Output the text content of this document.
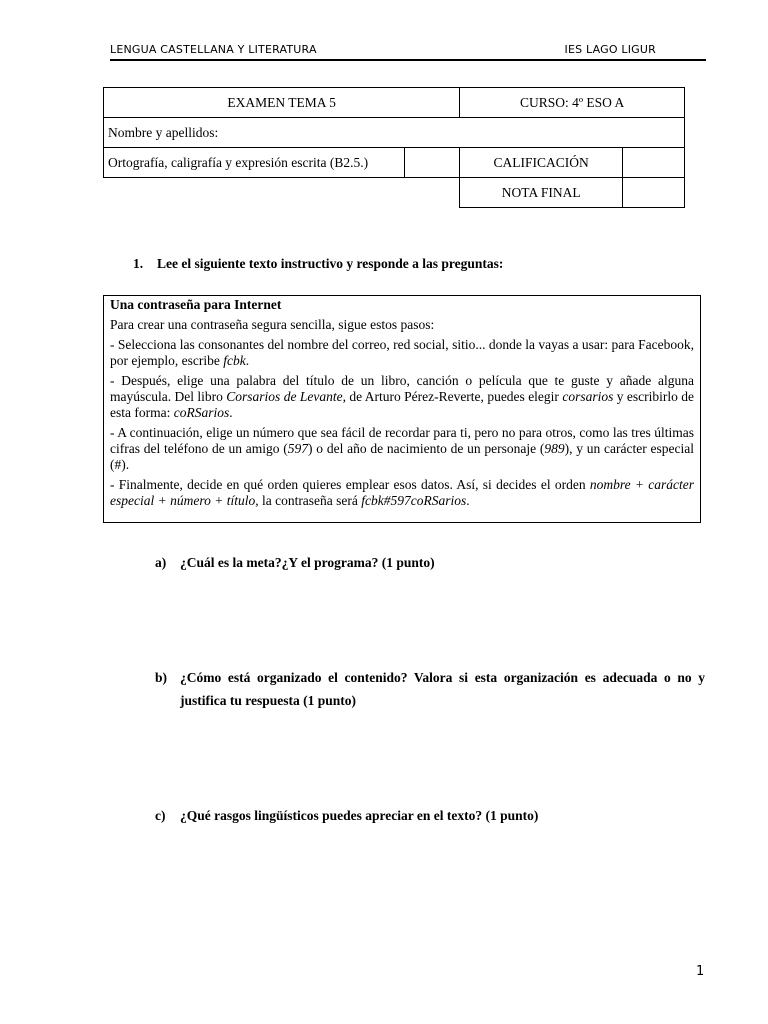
LENGUA CASTELLANA Y LITERATURA	IES LAGO LIGUR
EXAMEN TEMA 5		CURSO: 4º ESO A	
Nombre y apellidos:			
Ortografía, caligrafía y expresión escrita (B2.5.)		CALIFICACIÓN	
		NOTA FINAL	
1. Lee el siguiente texto instructivo y responde a las preguntas:

Una contraseña para Internet

Para crear una contraseña segura sencilla, sigue estos pasos:

- Selecciona las consonantes del nombre del correo, red social, sitio... donde la vayas a usar: para Facebook, por ejemplo, escribe fcbk.

- Después, elige una palabra del título de un libro, canción o película que te guste y añade alguna mayúscula. Del libro Corsarios de Levante, de Arturo Pérez-Reverte, puedes elegir corsarios y escribirlo de esta forma: coRSarios.

- A continuación, elige un número que sea fácil de recordar para ti, pero no para otros, como las tres últimas cifras del teléfono de un amigo (597) o del año de nacimiento de un personaje (989), y un carácter especial (#).

- Finalmente, decide en qué orden quieres emplear esos datos. Así, si decides el orden nombre + carácter especial + número + título, la contraseña será fcbk#597coRSarios.

a) ¿Cuál es la meta?¿Y el programa? (1 punto)
b) ¿Cómo está organizado el contenido? Valora si esta organización es adecuada o no y justifica tu respuesta (1 punto)
c) ¿Qué rasgos lingüísticos puedes apreciar en el texto? (1 punto)
1
